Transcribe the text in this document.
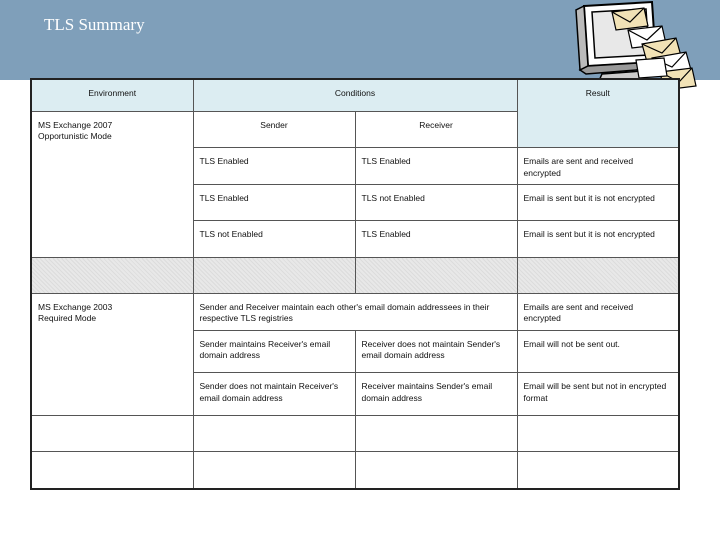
TLS Summary
Environment	Conditions		Result
MS Exchange 2007
Opportunistic Mode	Sender	Receiver	
	TLS Enabled	TLS Enabled	Emails are sent and received encrypted
	TLS Enabled	TLS not Enabled	Email is sent but it is not encrypted
	TLS not Enabled	TLS Enabled	Email is sent but it is not encrypted

MS Exchange 2003
Required Mode	Sender and Receiver maintain each other's email domain addressees in their respective TLS registries		Emails are sent and received encrypted
	Sender maintains Receiver's email domain address	Receiver does not maintain Sender's email domain address	Email will not be sent out.
	Sender does not maintain Receiver's email domain address	Receiver maintains Sender's email domain address	Email will be sent but not in encrypted format
